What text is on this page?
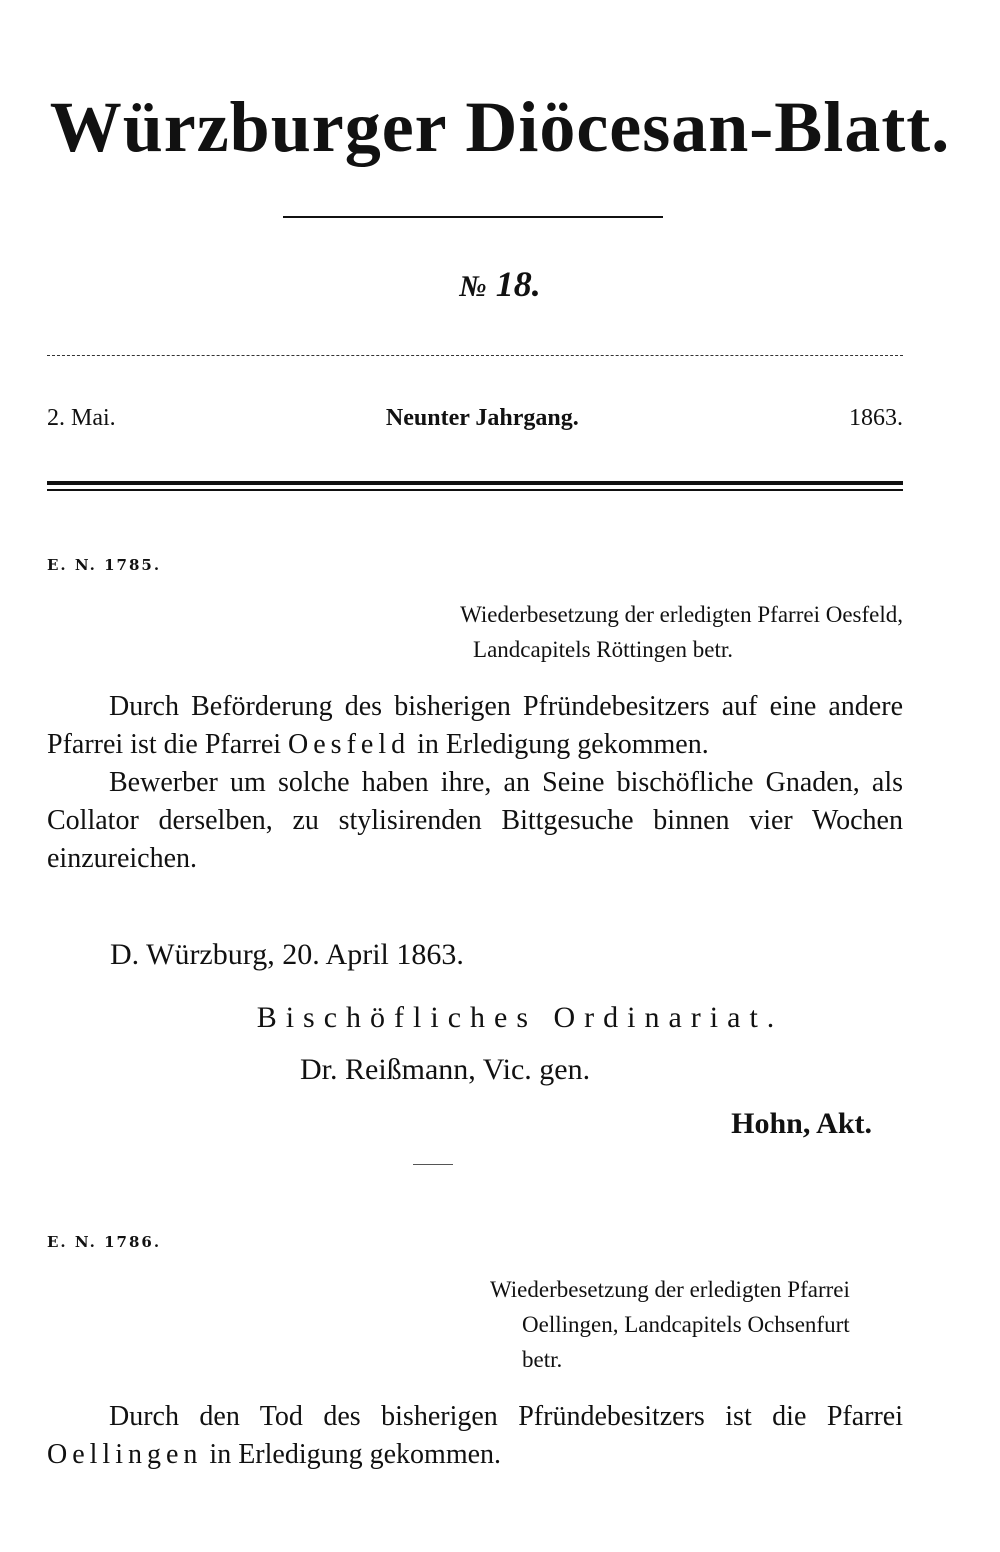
Würzburger Diöcesan-Blatt.
№ 18.
2. Mai.	Neunter Jahrgang.	1863.
E. N. 1785.
Wiederbesetzung der erledigten Pfarrei Oesfeld,
Landcapitels Röttingen betr.

Durch Beförderung des bisherigen Pfründebesitzers auf eine andere Pfarrei ist die Pfarrei Oesfeld in Erledigung gekommen.

Bewerber um solche haben ihre, an Seine bischöfliche Gnaden, als Collator derselben, zu stylisirenden Bittgesuche binnen vier Wochen einzureichen.

D. Würzburg, 20. April 1863.
Bischöfliches Ordinariat.
Dr. Reißmann, Vic. gen.
Hohn, Akt.
E. N. 1786.
Wiederbesetzung der erledigten Pfarrei
Oellingen, Landcapitels Ochsenfurt
betr.

Durch den Tod des bisherigen Pfründebesitzers ist die Pfarrei Oellingen in Erledigung gekommen.
